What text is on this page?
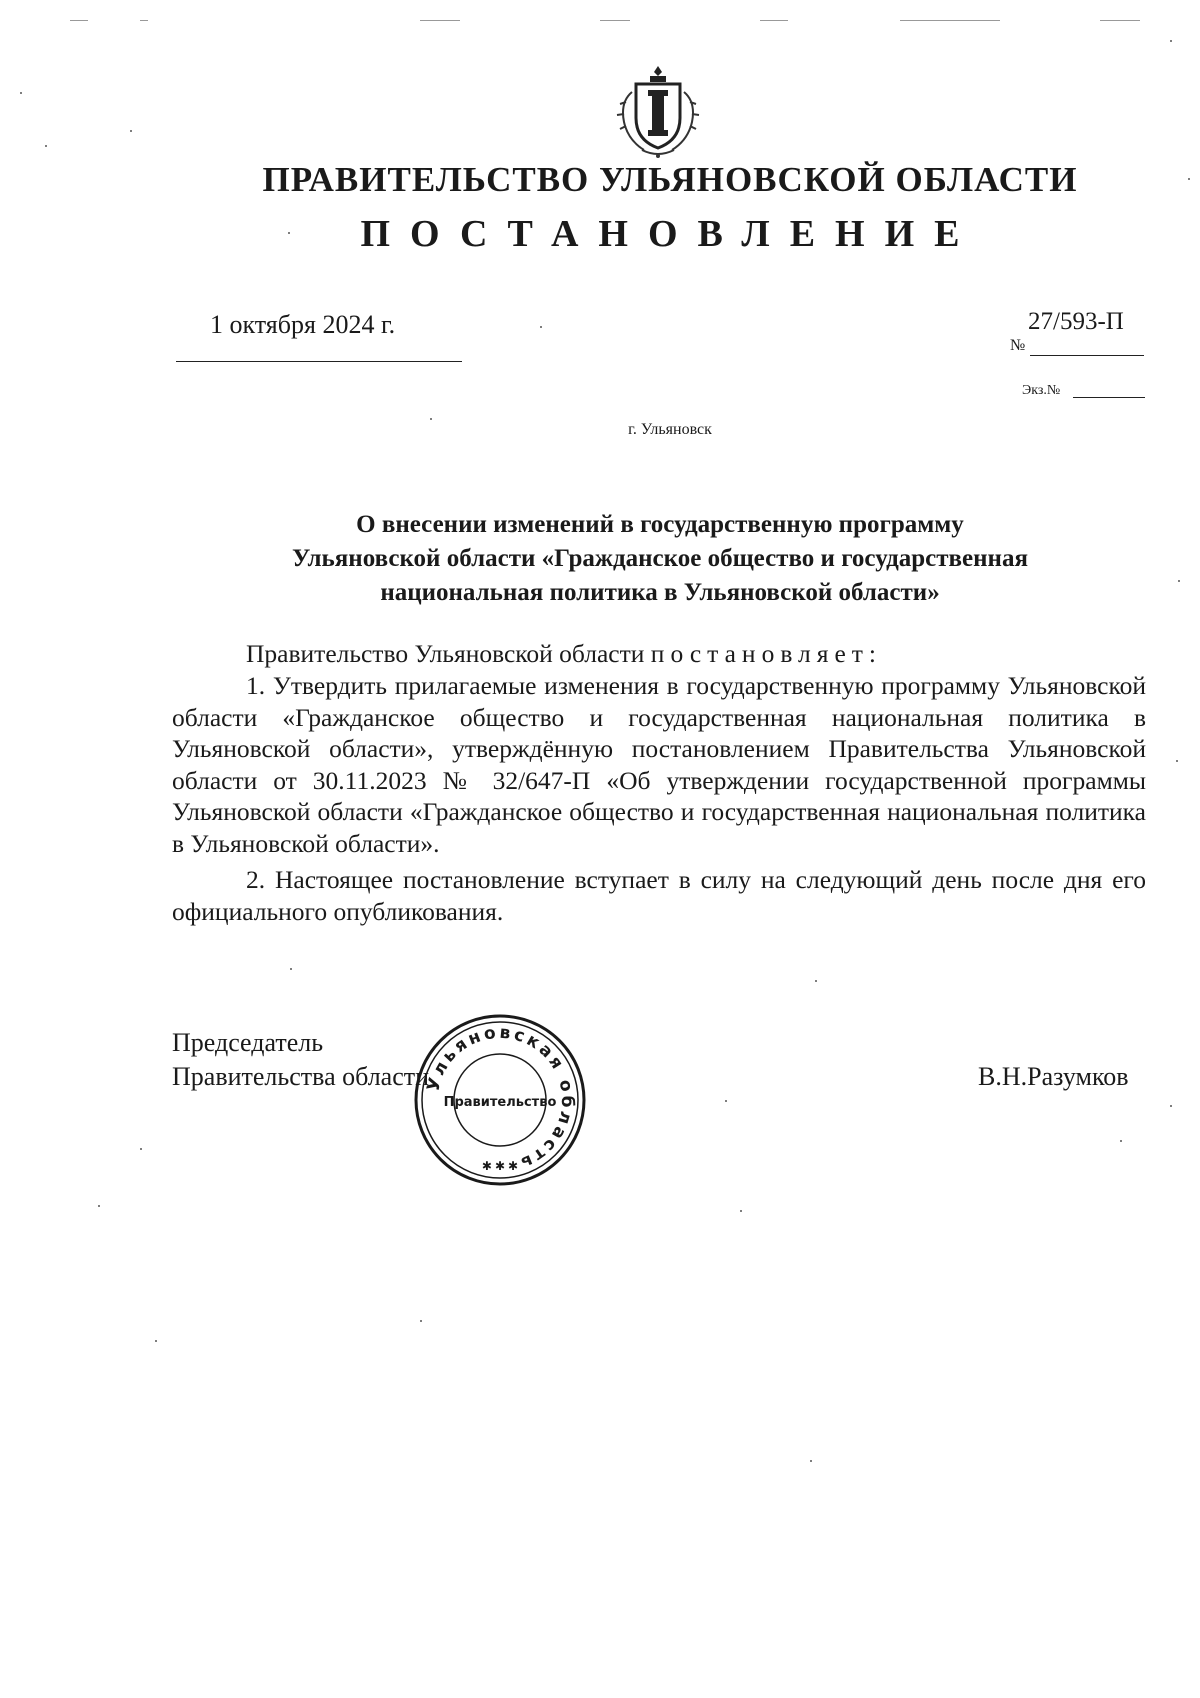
ПРАВИТЕЛЬСТВО УЛЬЯНОВСКОЙ ОБЛАСТИ
ПОСТАНОВЛЕНИЕ
1 октября 2024 г.	27/593-П
№
Экз.№
г. Ульяновск
О внесении изменений в государственную программу
Ульяновской области «Гражданское общество и государственная
национальная политика в Ульяновской области»
Правительство Ульяновской области постановляет:
1. Утвердить прилагаемые изменения в государственную программу Ульяновской области «Гражданское общество и государственная национальная политика в Ульяновской области», утверждённую постановлением Правительства Ульяновской области от 30.11.2023 № 32/647-П «Об утверждении государственной программы Ульяновской области «Гражданское общество и государственная национальная политика в Ульяновской области».
2. Настоящее постановление вступает в силу на следующий день после дня его официального опубликования.
Председатель
Правительства области	В.Н.Разумков
Ульяновская область
Правительство
✱ ✱ ✱
